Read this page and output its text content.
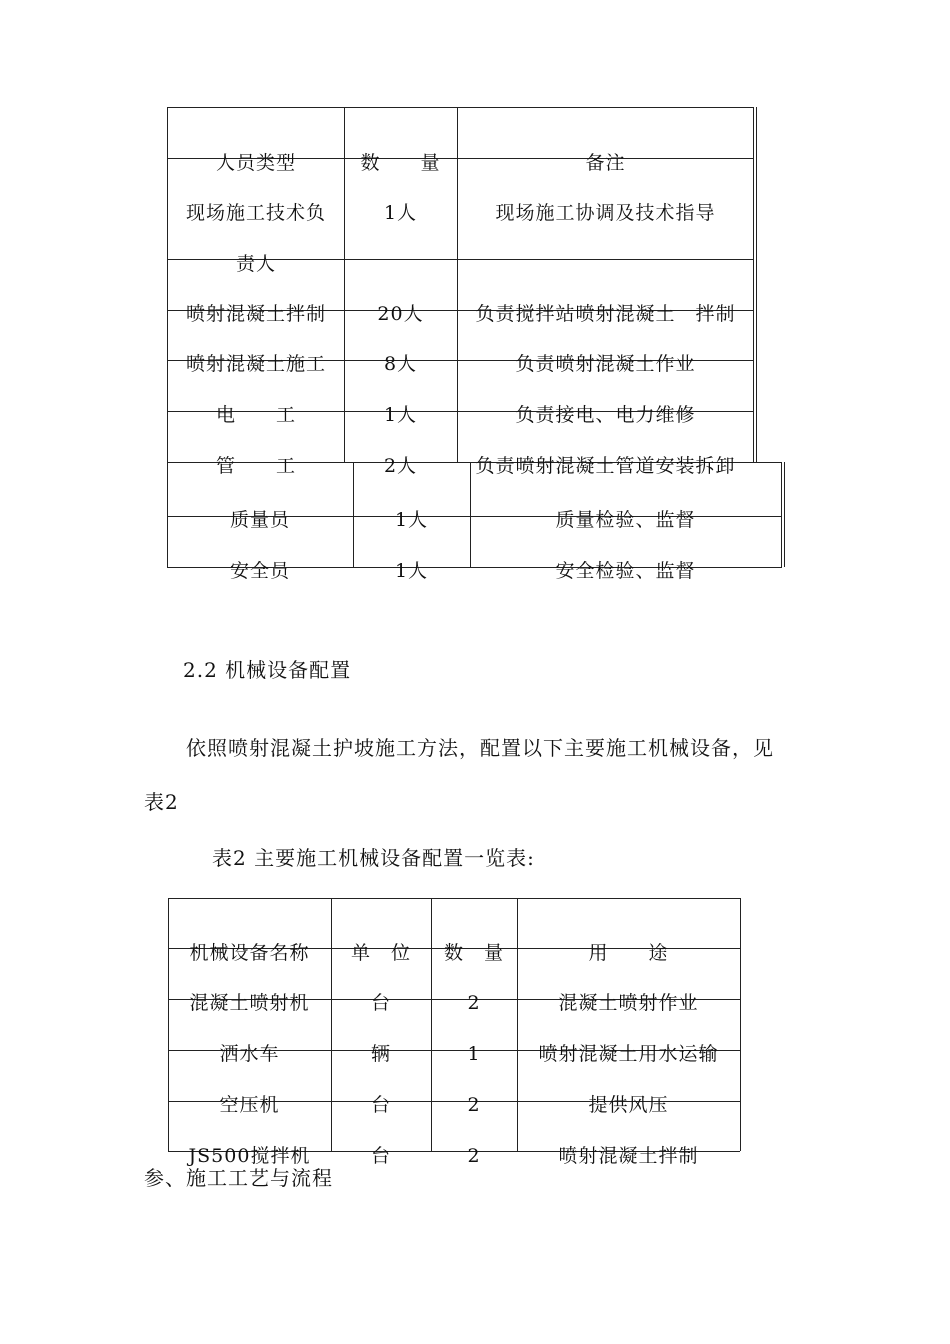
人员类型	数　　量	备注
现场施工技术负	1人	现场施工协调及技术指导
责人
喷射混凝土拌制	20人	负责搅拌站喷射混凝土　拌制
喷射混凝土施工	8人	负责喷射混凝土作业
电　　工	1人	负责接电、电力维修
管　　工	2人	负责喷射混凝土管道安装拆卸
质量员	1人	质量检验、监督
安全员	1人	安全检验、监督
2.2 机械设备配置
依照喷射混凝土护坡施工方法，配置以下主要施工机械设备，见
表2
表2 主要施工机械设备配置一览表:
机械设备名称	单　位	数　量	用　　途
混凝土喷射机	台	2	混凝土喷射作业
洒水车	辆	1	喷射混凝土用水运输
空压机	台	2	提供风压
JS500搅拌机	台	2	喷射混凝土拌制
参、施工工艺与流程
